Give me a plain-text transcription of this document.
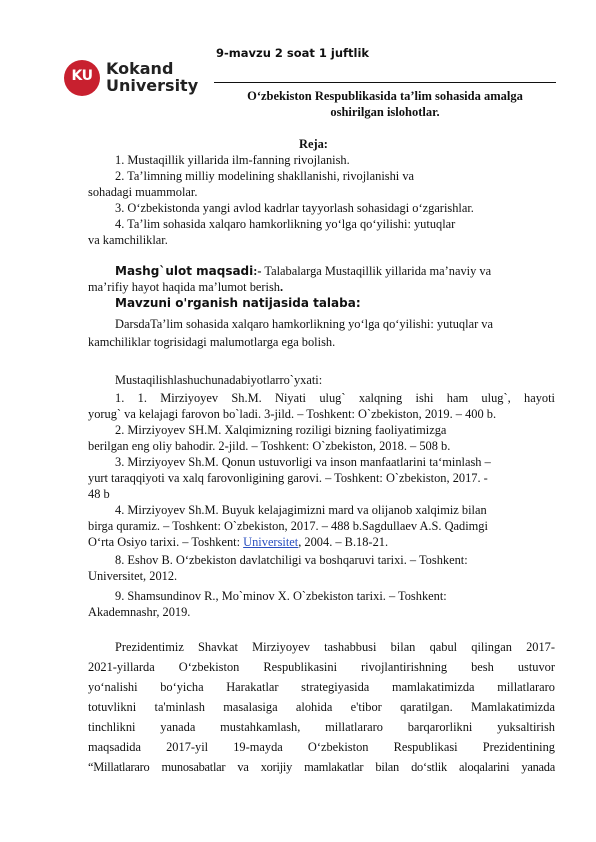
KU Kokand
University
9-mavzu 2 soat 1 juftlik
O‘zbekiston Respublikasida ta’lim sohasida amalga
oshirilgan islohotlar.
Reja:
1. Mustaqillik yillarida ilm-fanning rivojlanish.
2. Ta’limning milliy modelining shakllanishi, rivojlanishi va
sohadagi muammolar.
3. O‘zbekistonda yangi avlod kadrlar tayyorlash sohasidagi o‘zgarishlar.
4. Ta’lim sohasida xalqaro hamkorlikning yo‘lga qo‘yilishi: yutuqlar
va kamchiliklar.
Mashg`ulot maqsadi:- Talabalarga Mustaqillik yillarida ma’naviy va
ma’rifiy hayot haqida ma’lumot berish.
Mavzuni o'rganish natijasida talaba:
DarsdaTa’lim sohasida xalqaro hamkorlikning yo‘lga qo‘yilishi: yutuqlar va
kamchiliklar togrisidagi malumotlarga ega bolish.
Mustaqilishlashuchunadabiyotlarro`yxati:
1. 1. Mirziyoyev Sh.M. Niyati ulug` xalqning ishi ham ulug`, hayoti
yorug` va kelajagi farovon bo`ladi. 3-jild. – Toshkent: O`zbekiston, 2019. – 400 b.
2. Mirziyoyev SH.M. Xalqimizning roziligi bizning faoliyatimizga
berilgan eng oliy bahodir. 2-jild. – Toshkent: O`zbekiston, 2018. – 508 b.
3. Mirziyoyev Sh.M. Qonun ustuvorligi va inson manfaatlarini ta‘minlash –
yurt taraqqiyoti va xalq farovonligining garovi. – Toshkent: O`zbekiston, 2017. -
48 b
4. Mirziyoyev Sh.M. Buyuk kelajagimizni mard va olijanob xalqimiz bilan
birga quramiz. – Toshkent: O`zbekiston, 2017. – 488 b.Sagdullaev A.S. Qadimgi
O‘rta Osiyo tarixi. – Toshkent: Universitet, 2004. – B.18-21.
8. Eshov B. O‘zbekiston davlatchiligi va boshqaruvi tarixi. – Toshkent:
Universitet, 2012.
9. Shamsundinov R., Mo`minov X. O`zbekiston tarixi. – Toshkent:
Akademnashr, 2019.
Prezidentimiz Shavkat Mirziyoyev tashabbusi bilan qabul qilingan 2017-
2021-yillarda O‘zbekiston Respublikasini rivojlantirishning besh ustuvor
yo‘nalishi bo‘yicha Harakatlar strategiyasida mamlakatimizda millatlararo
totuvlikni ta'minlash masalasiga alohida e'tibor qaratilgan. Mamlakatimizda
tinchlikni yanada mustahkamlash, millatlararo barqarorlikni yuksaltirish
maqsadida 2017-yil 19-mayda O‘zbekiston Respublikasi Prezidentining
“Millatlararo munosabatlar va xorijiy mamlakatlar bilan do‘stlik aloqalarini yanada
